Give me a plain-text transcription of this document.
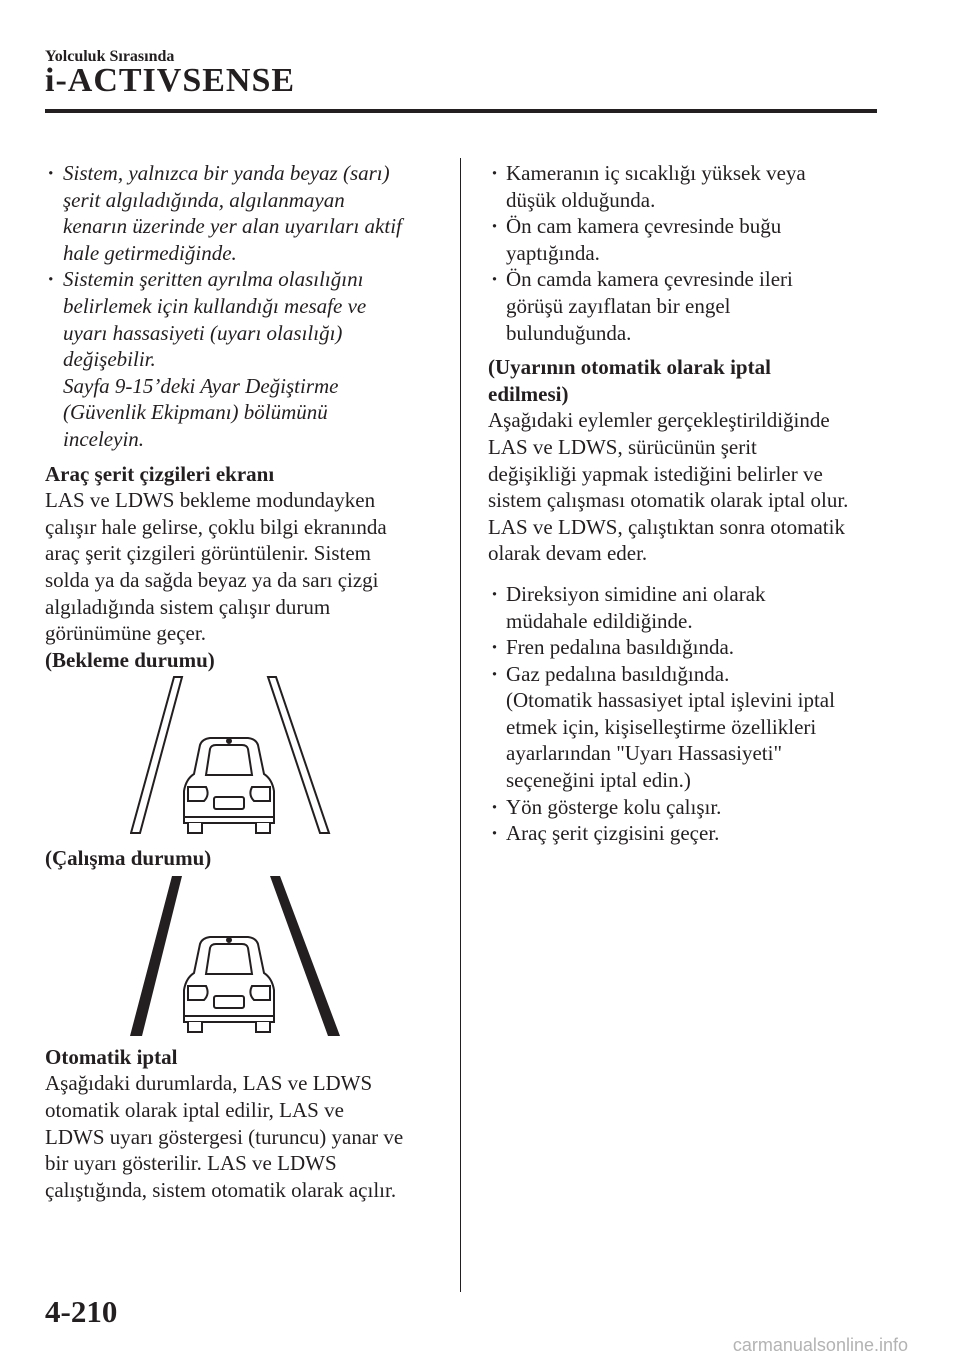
Yolculuk Sırasında
i-ACTIVSENSE
· Sistem, yalnızca bir yanda beyaz (sarı)
şerit algıladığında, algılanmayan
kenarın üzerinde yer alan uyarıları aktif
hale getirmediğinde.
· Sistemin şeritten ayrılma olasılığını
belirlemek için kullandığı mesafe ve
uyarı hassasiyeti (uyarı olasılığı)
değişebilir.
Sayfa 9-15’deki Ayar Değiştirme
(Güvenlik Ekipmanı) bölümünü
inceleyin.
Araç şerit çizgileri ekranı
LAS ve LDWS bekleme modundayken
çalışır hale gelirse, çoklu bilgi ekranında
araç şerit çizgileri görüntülenir. Sistem
solda ya da sağda beyaz ya da sarı çizgi
algıladığında sistem çalışır durum
görünümüne geçer.
(Bekleme durumu)
(Çalışma durumu)
Otomatik iptal
Aşağıdaki durumlarda, LAS ve LDWS
otomatik olarak iptal edilir, LAS ve
LDWS uyarı göstergesi (turuncu) yanar ve
bir uyarı gösterilir. LAS ve LDWS
çalıştığında, sistem otomatik olarak açılır.
· Kameranın iç sıcaklığı yüksek veya
düşük olduğunda.
· Ön cam kamera çevresinde buğu
yaptığında.
· Ön camda kamera çevresinde ileri
görüşü zayıflatan bir engel
bulunduğunda.
(Uyarının otomatik olarak iptal
edilmesi)
Aşağıdaki eylemler gerçekleştirildiğinde
LAS ve LDWS, sürücünün şerit
değişikliği yapmak istediğini belirler ve
sistem çalışması otomatik olarak iptal olur.
LAS ve LDWS, çalıştıktan sonra otomatik
olarak devam eder.
· Direksiyon simidine ani olarak
müdahale edildiğinde.
· Fren pedalına basıldığında.
· Gaz pedalına basıldığında.
(Otomatik hassasiyet iptal işlevini iptal
etmek için, kişiselleştirme özellikleri
ayarlarından "Uyarı Hassasiyeti"
seçeneğini iptal edin.)
· Yön gösterge kolu çalışır.
· Araç şerit çizgisini geçer.
4-210
carmanualsonline.info
